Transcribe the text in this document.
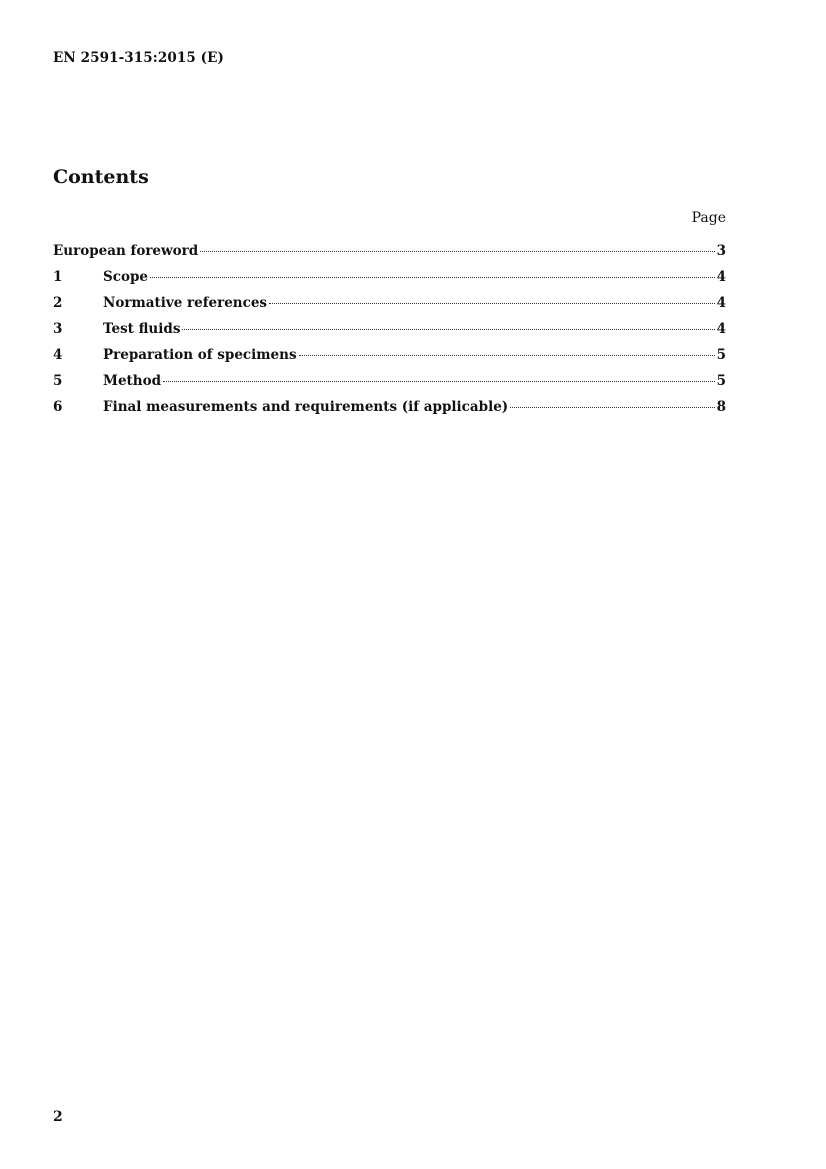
EN 2591-315:2015 (E)
Contents
Page
European foreword	3
1	Scope	4
2	Normative references	4
3	Test fluids	4
4	Preparation of specimens	5
5	Method	5
6	Final measurements and requirements (if applicable)	8
2
